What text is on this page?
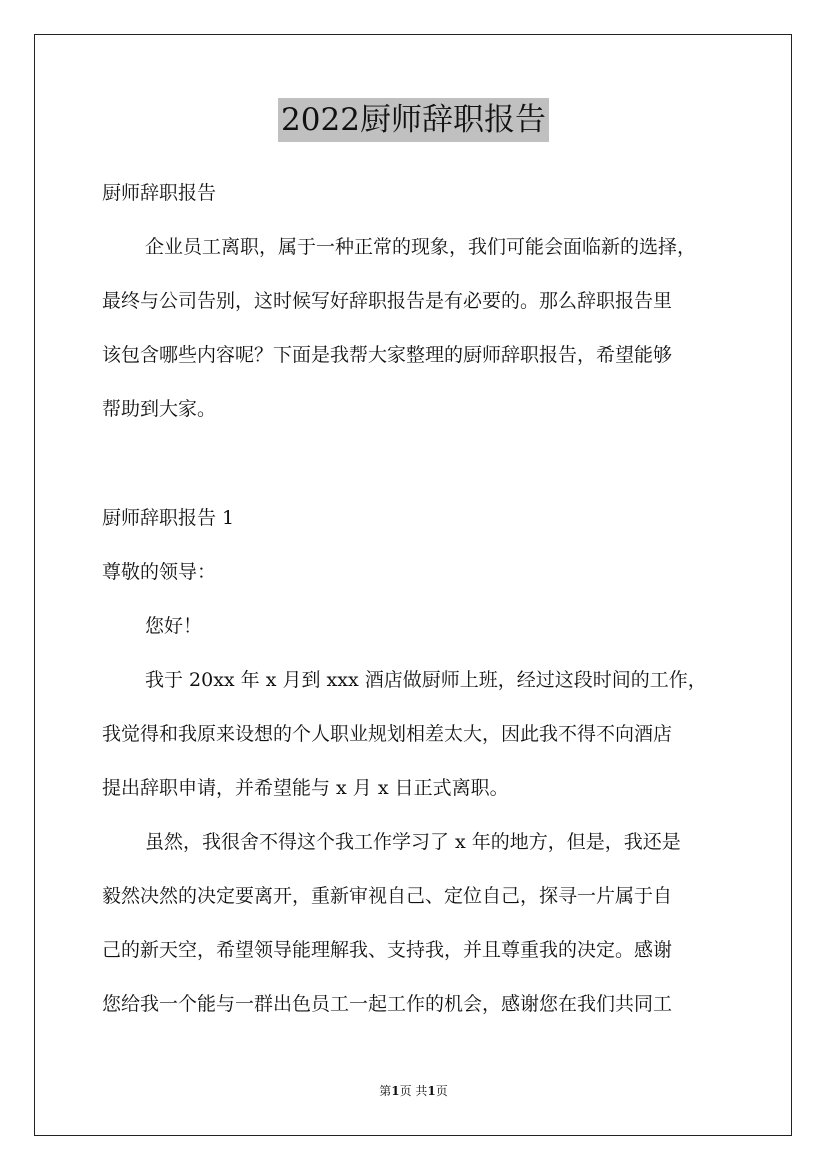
2022厨师辞职报告
厨师辞职报告
企业员工离职，属于一种正常的现象，我们可能会面临新的选择，
最终与公司告别，这时候写好辞职报告是有必要的。那么辞职报告里
该包含哪些内容呢？下面是我帮大家整理的厨师辞职报告，希望能够
帮助到大家。
厨师辞职报告 1
尊敬的领导：
您好！
我于 20xx 年 x 月到 xxx 酒店做厨师上班，经过这段时间的工作，
我觉得和我原来设想的个人职业规划相差太大，因此我不得不向酒店
提出辞职申请，并希望能与 x 月 x 日正式离职。
虽然，我很舍不得这个我工作学习了 x 年的地方，但是，我还是
毅然决然的决定要离开，重新审视自己、定位自己，探寻一片属于自
己的新天空，希望领导能理解我、支持我，并且尊重我的决定。感谢
您给我一个能与一群出色员工一起工作的机会，感谢您在我们共同工
第1页 共1页
